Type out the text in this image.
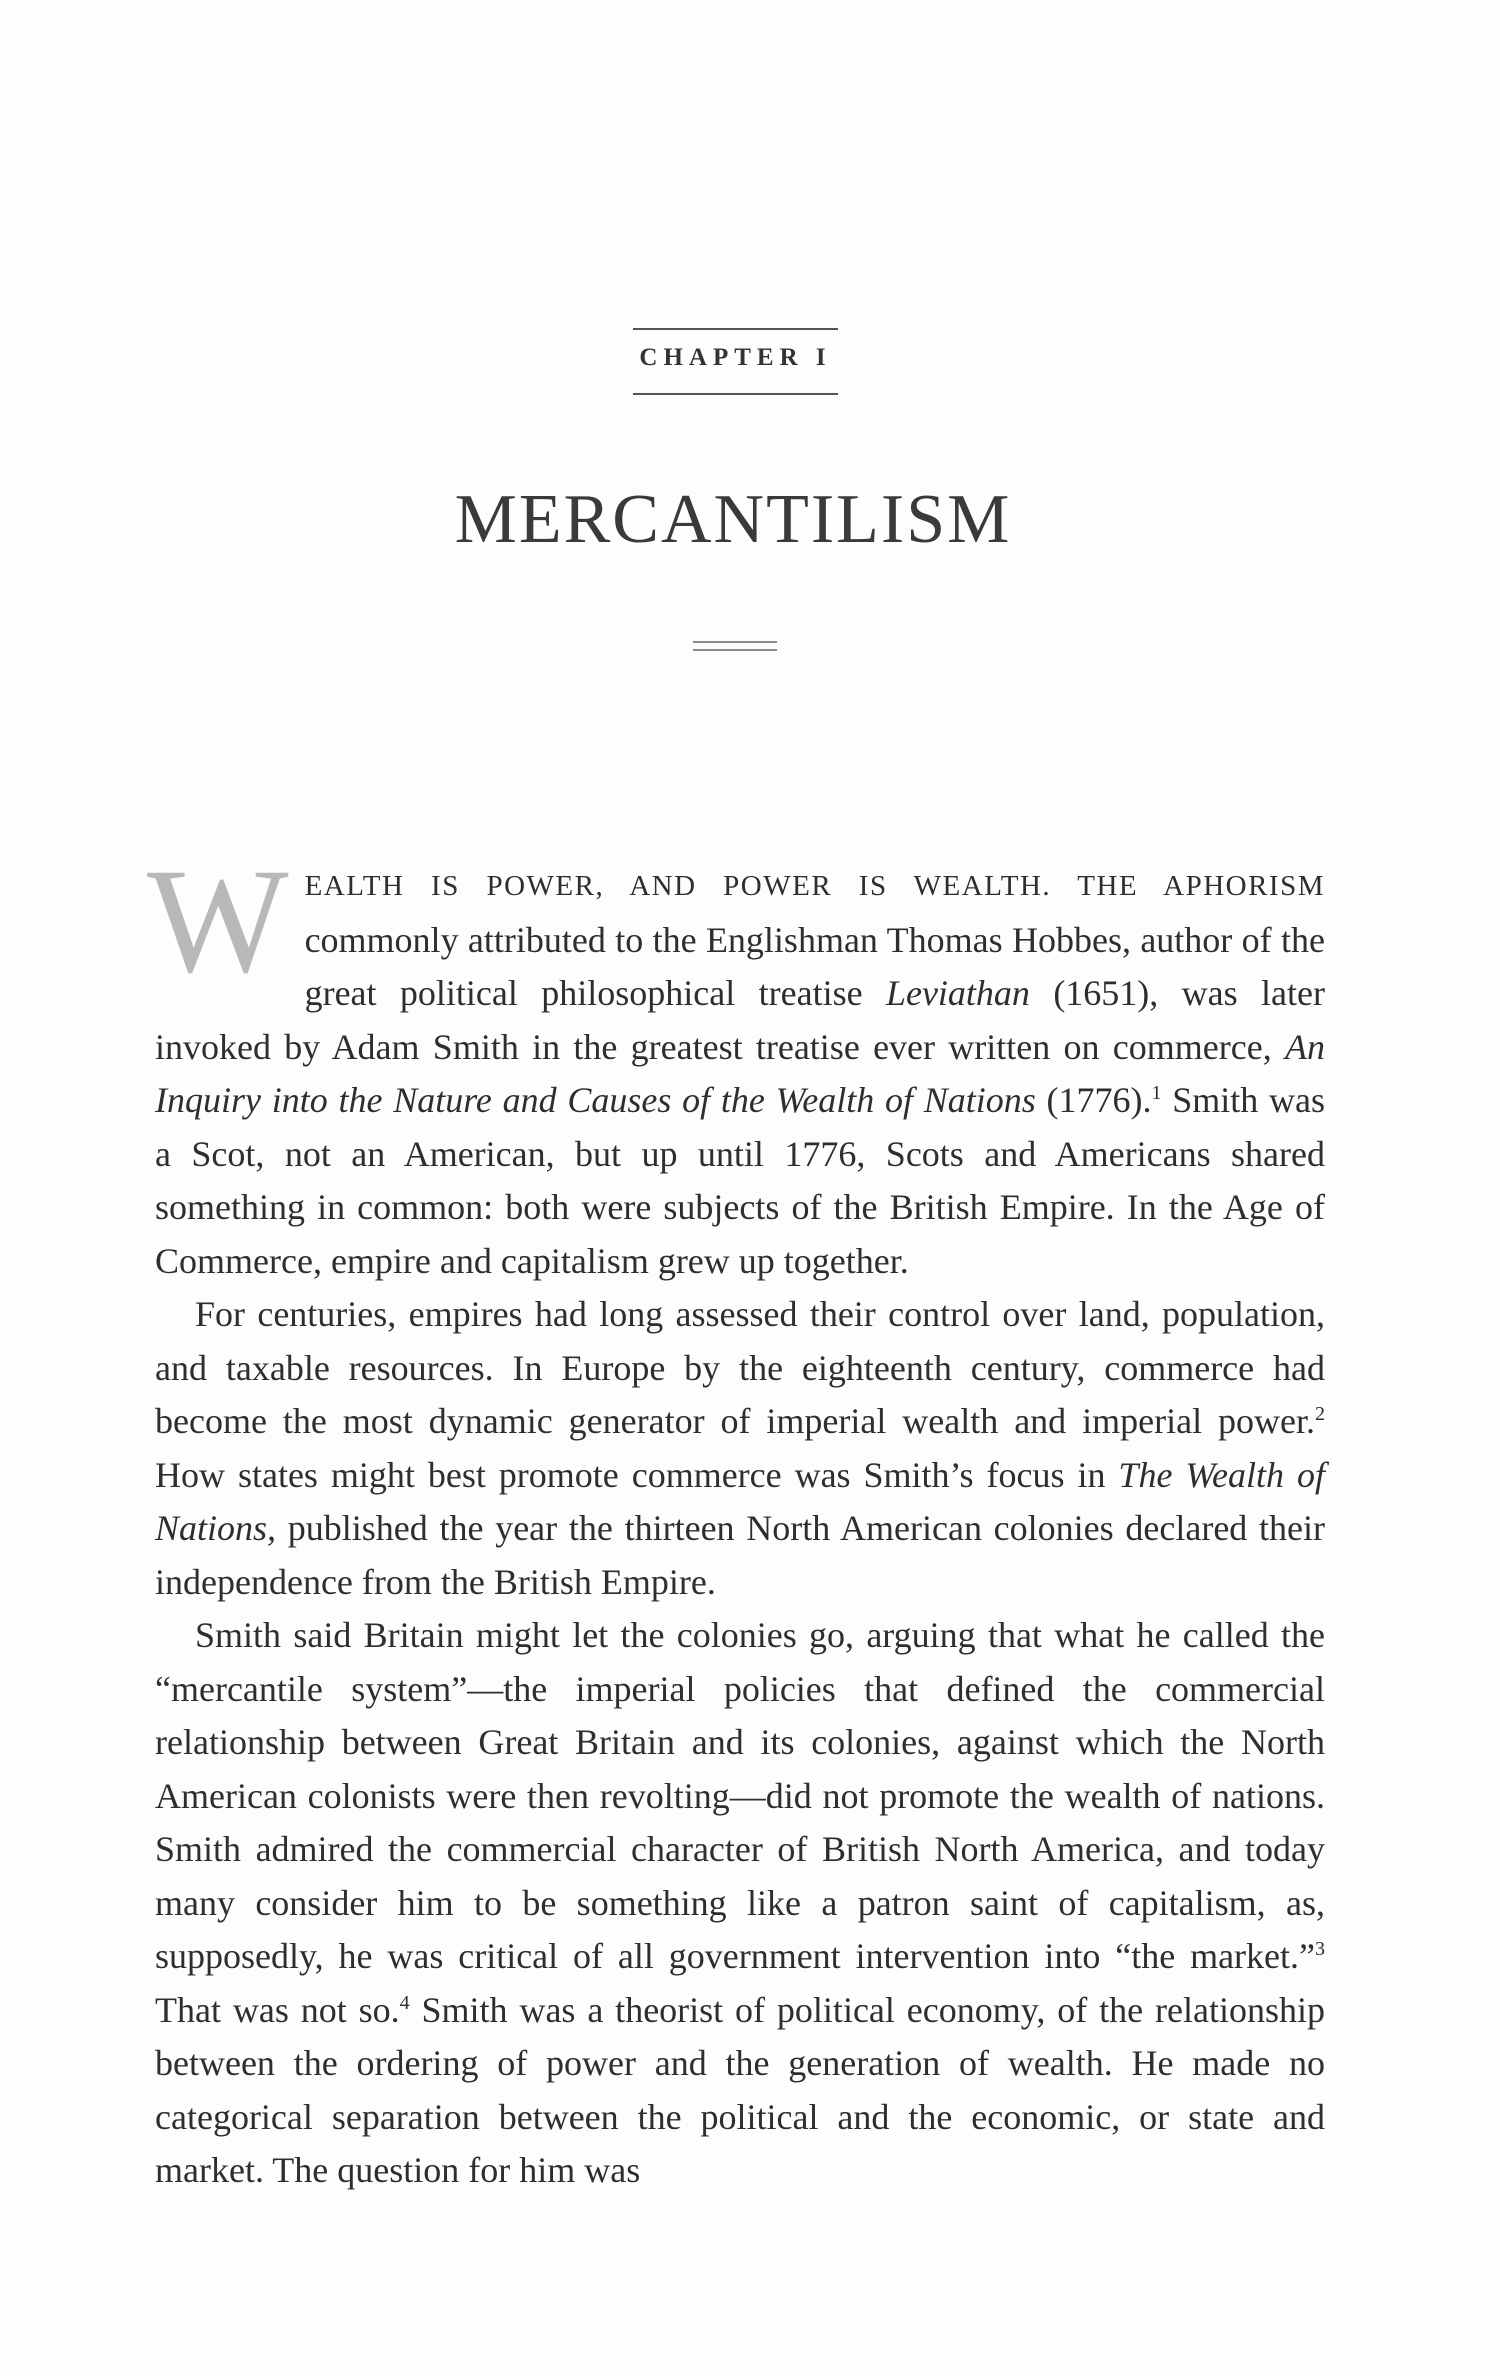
CHAPTER I
MERCANTILISM

WEALTH IS POWER, AND POWER IS WEALTH. THE APHORISM commonly attributed to the Englishman Thomas Hobbes, author of the great political philosophical treatise Leviathan (1651), was later invoked by Adam Smith in the greatest treatise ever written on commerce, An Inquiry into the Nature and Causes of the Wealth of Nations (1776).$^1$ Smith was a Scot, not an American, but up until 1776, Scots and Americans shared something in common: both were subjects of the British Empire. In the Age of Commerce, empire and capitalism grew up together.

For centuries, empires had long assessed their control over land, population, and taxable resources. In Europe by the eighteenth century, commerce had become the most dynamic generator of imperial wealth and imperial power.$^2$ How states might best promote commerce was Smith’s focus in The Wealth of Nations, published the year the thirteen North American colonies declared their independence from the British Empire.

Smith said Britain might let the colonies go, arguing that what he called the “mercantile system”—the imperial policies that defined the commercial relationship between Great Britain and its colonies, against which the North American colonists were then revolting—did not promote the wealth of nations. Smith admired the commercial character of British North America, and today many consider him to be something like a patron saint of capitalism, as, supposedly, he was critical of all government intervention into “the market.”$^3$ That was not so.$^4$ Smith was a theorist of political economy, of the relationship between the ordering of power and the generation of wealth. He made no categorical separation between the political and the economic, or state and market. The question for him was
